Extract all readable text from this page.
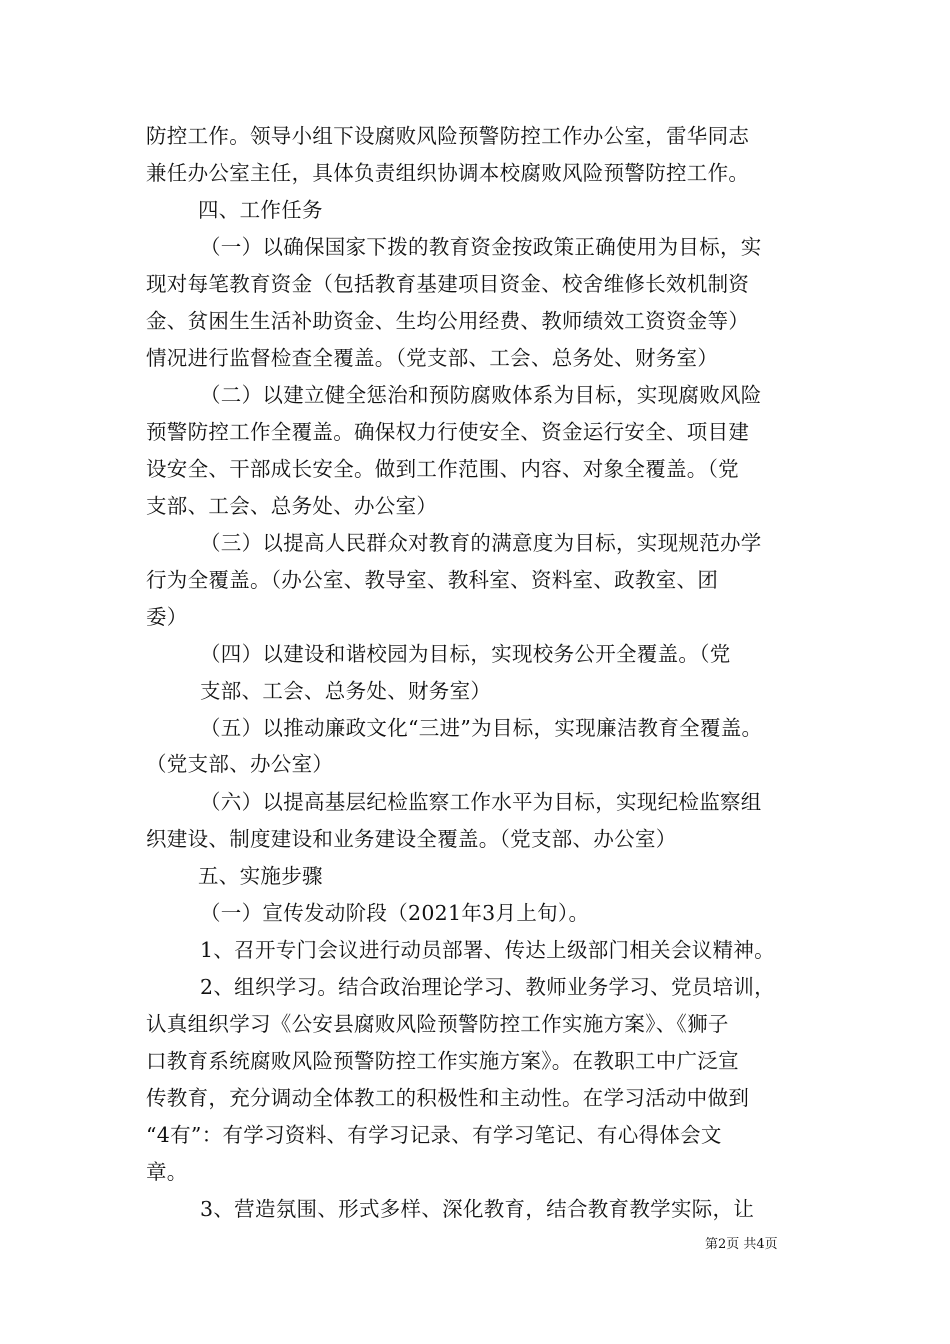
防控工作。领导小组下设腐败风险预警防控工作办公室，雷华同志
兼任办公室主任，具体负责组织协调本校腐败风险预警防控工作。
四、工作任务
（一）以确保国家下拨的教育资金按政策正确使用为目标，实
现对每笔教育资金（包括教育基建项目资金、校舍维修长效机制资
金、贫困生生活补助资金、生均公用经费、教师绩效工资资金等）
情况进行监督检查全覆盖。（党支部、工会、总务处、财务室）
（二）以建立健全惩治和预防腐败体系为目标，实现腐败风险
预警防控工作全覆盖。确保权力行使安全、资金运行安全、项目建
设安全、干部成长安全。做到工作范围、内容、对象全覆盖。（党
支部、工会、总务处、办公室）
（三）以提高人民群众对教育的满意度为目标，实现规范办学
行为全覆盖。（办公室、教导室、教科室、资料室、政教室、团
委）
（四）以建设和谐校园为目标，实现校务公开全覆盖。（党
支部、工会、总务处、财务室）
（五）以推动廉政文化“三进”为目标，实现廉洁教育全覆盖。
（党支部、办公室）
（六）以提高基层纪检监察工作水平为目标，实现纪检监察组
织建设、制度建设和业务建设全覆盖。（党支部、办公室）
五、实施步骤
（一）宣传发动阶段（2021年3月上旬）。
1、召开专门会议进行动员部署、传达上级部门相关会议精神。
2、组织学习。结合政治理论学习、教师业务学习、党员培训，
认真组织学习《公安县腐败风险预警防控工作实施方案》、《狮子
口教育系统腐败风险预警防控工作实施方案》。在教职工中广泛宣
传教育，充分调动全体教工的积极性和主动性。在学习活动中做到
“4有”：有学习资料、有学习记录、有学习笔记、有心得体会文
章。
3、营造氛围、形式多样、深化教育，结合教育教学实际，让
第2页 共4页
